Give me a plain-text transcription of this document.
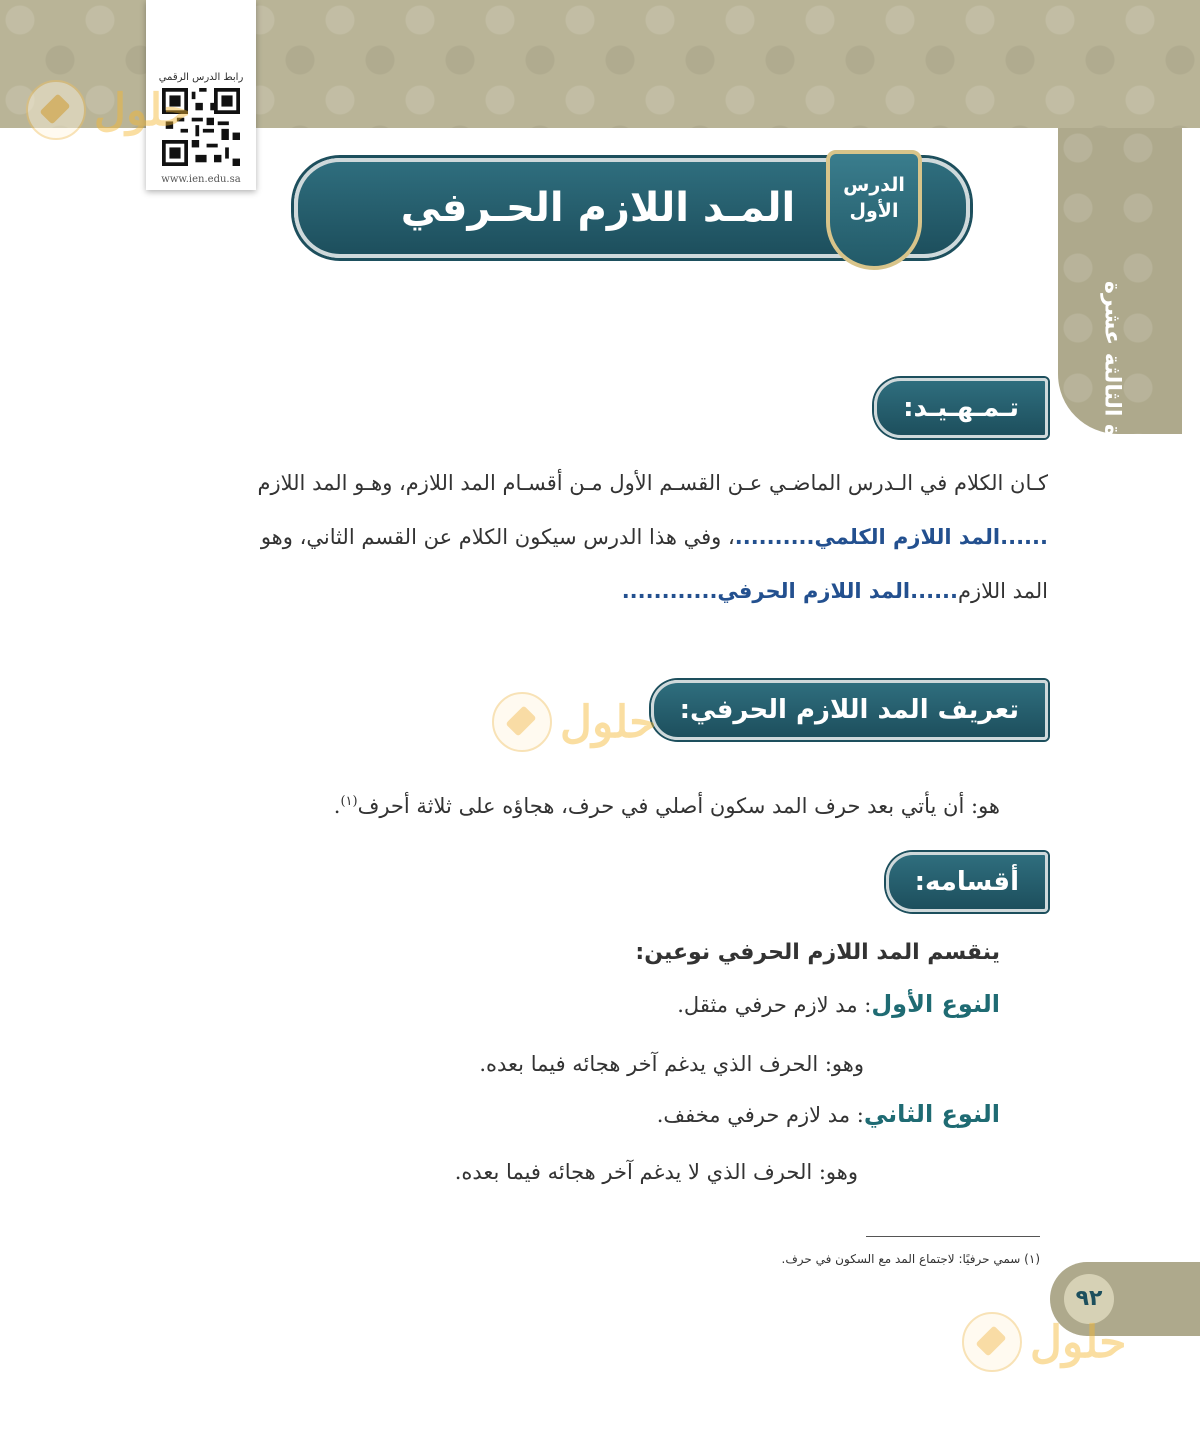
الوحدة الثالثة عشرة
رابط الدرس الرقمي
www.ien.edu.sa
المـد اللازم الحـرفي	الدرس
الأول
تـمـهـيـد:
كـان الكلام في الـدرس الماضـي عـن القسـم الأول مـن أقسـام المد اللازم، وهـو المد اللازم
......المد اللازم الكلمي..........، وفي هذا الدرس سيكون الكلام عن القسم الثاني، وهو
المد اللازم......المد اللازم الحرفي............
تعريف المد اللازم الحرفي:
هو: أن يأتي بعد حرف المد سكون أصلي في حرف، هجاؤه على ثلاثة أحرف$^{(١)}$.
أقسامه:
ينقسم المد اللازم الحرفي نوعين:
النوع الأول: مد لازم حرفي مثقل.
وهو: الحرف الذي يدغم آخر هجائه فيما بعده.
النوع الثاني: مد لازم حرفي مخفف.
وهو: الحرف الذي لا يدغم آخر هجائه فيما بعده.
(١) سمي حرفيًا: لاجتماع المد مع السكون في حرف.
٩٢
حلول
حلول
حلول
